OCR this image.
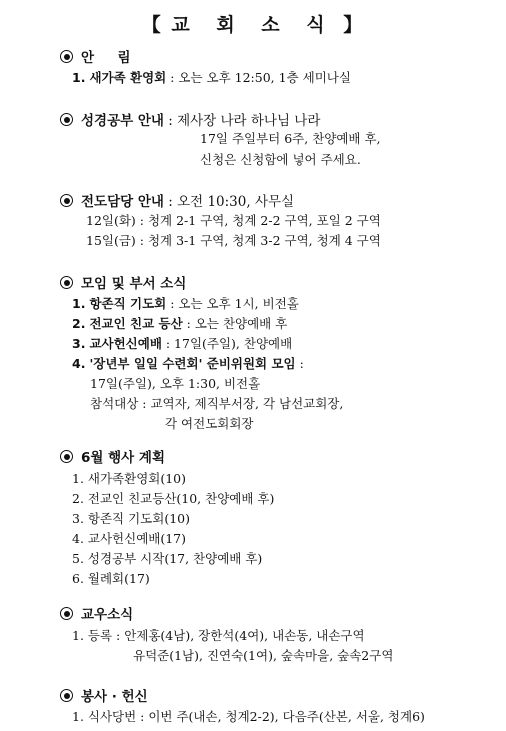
【 교 회 소 식 】
안     림
1. 새가족 환영회 : 오는 오후 12:50, 1층 세미나실
성경공부 안내 : 제사장 나라 하나님 나라
17일 주일부터 6주, 찬양예배 후,
신청은 신청함에 넣어 주세요.
전도담당 안내 : 오전 10:30, 사무실
12일(화) : 청계 2-1 구역, 청계 2-2 구역, 포일 2 구역
15일(금) : 청계 3-1 구역, 청계 3-2 구역, 청계 4 구역
모임 및 부서 소식
1. 항존직 기도회 : 오는 오후 1시, 비전홀
2. 전교인 친교 등산 : 오는 찬양예배 후
3. 교사헌신예배 : 17일(주일), 찬양예배
4. '장년부 일일 수련회' 준비위원회 모임 :
17일(주일), 오후 1:30, 비전홀
참석대상 : 교역자, 제직부서장, 각 남선교회장,
각 여전도회회장
6월 행사 계획
1. 새가족환영회(10)
2. 전교인 친교등산(10, 찬양예배 후)
3. 항존직 기도회(10)
4. 교사헌신예배(17)
5. 성경공부 시작(17, 찬양예배 후)
6. 월례회(17)
교우소식
1. 등록 : 안제홍(4남), 장한석(4여), 내손동, 내손구역
유덕준(1남), 진연숙(1여), 숲속마을, 숲속2구역
봉사 · 헌신
1. 식사당번 : 이번 주(내손, 청계2-2), 다음주(산본, 서울, 청계6)
